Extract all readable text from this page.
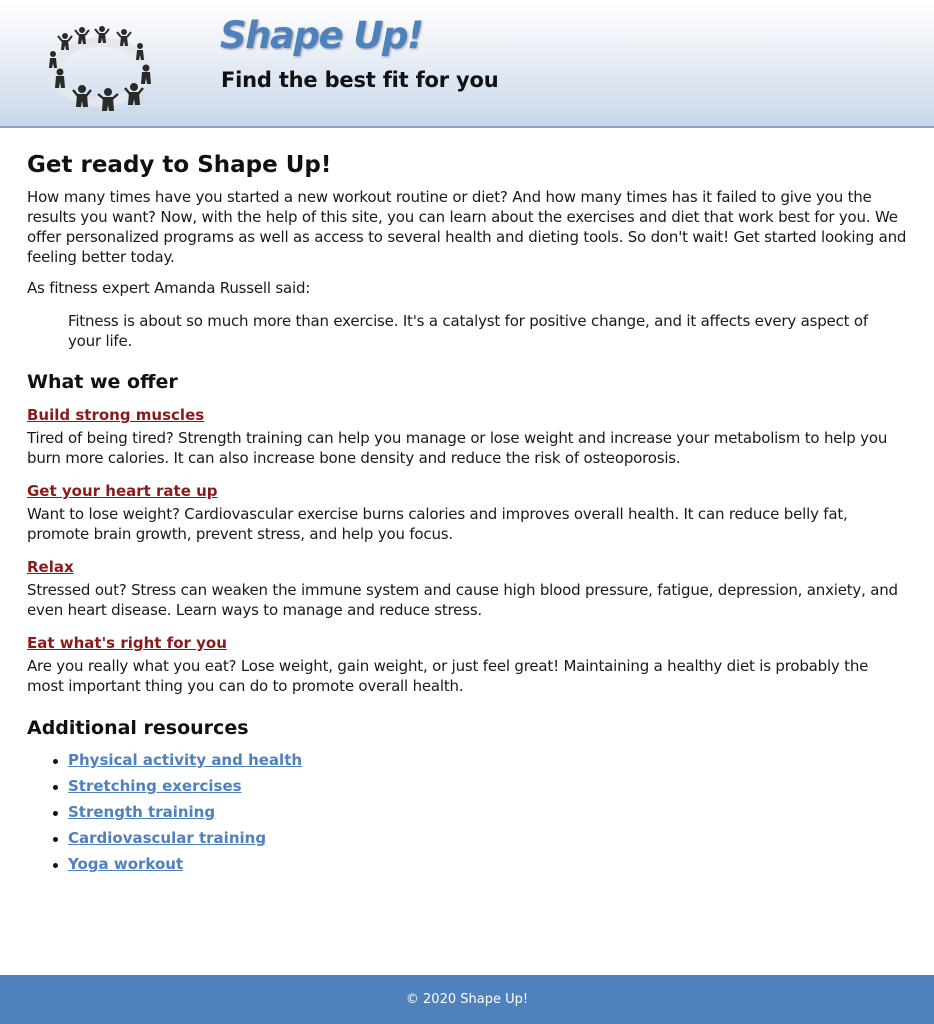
Shape Up!

Find the best fit for you

Get ready to Shape Up!

How many times have you started a new workout routine or diet? And how many times has it failed to give you the results you want? Now, with the help of this site, you can learn about the exercises and diet that work best for you. We offer personalized programs as well as access to several health and dieting tools. So don't wait! Get started looking and feeling better today.

As fitness expert Amanda Russell said:

Fitness is about so much more than exercise. It's a catalyst for positive change, and it affects every aspect of your life.
What we offer
Build strong muscles

Tired of being tired? Strength training can help you manage or lose weight and increase your metabolism to help you burn more calories. It can also increase bone density and reduce the risk of osteoporosis.

Get your heart rate up

Want to lose weight? Cardiovascular exercise burns calories and improves overall health. It can reduce belly fat, promote brain growth, prevent stress, and help you focus.

Relax

Stressed out? Stress can weaken the immune system and cause high blood pressure, fatigue, depression, anxiety, and even heart disease. Learn ways to manage and reduce stress.

Eat what's right for you

Are you really what you eat? Lose weight, gain weight, or just feel great! Maintaining a healthy diet is probably the most important thing you can do to promote overall health.

Additional resources
Physical activity and health
Stretching exercises
Strength training
Cardiovascular training
Yoga workout
© 2020 Shape Up!
